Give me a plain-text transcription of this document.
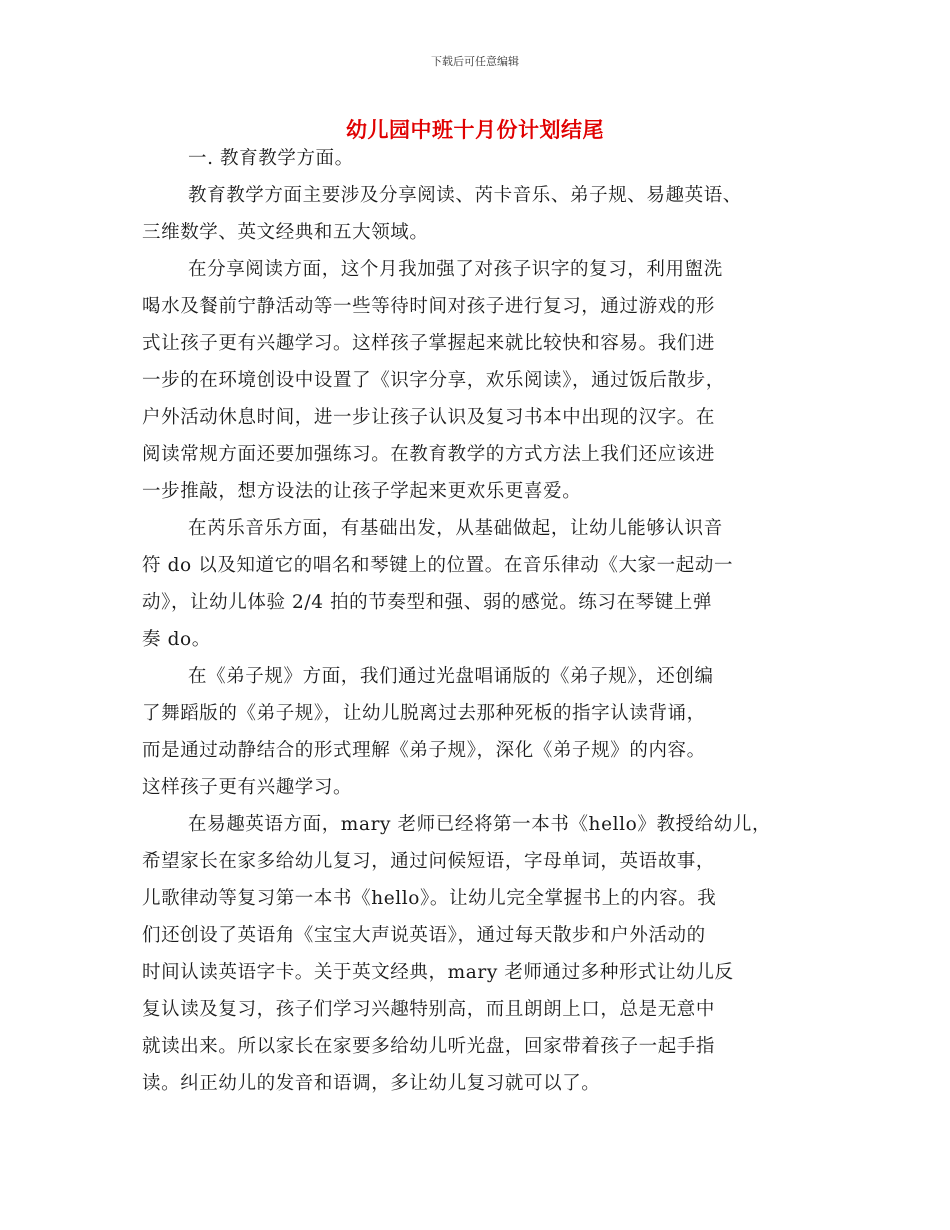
下载后可任意编辑
幼儿园中班十月份计划结尾
一. 教育教学方面。
教育教学方面主要涉及分享阅读、芮卡音乐、弟子规、易趣英语、
三维数学、英文经典和五大领域。
在分享阅读方面，这个月我加强了对孩子识字的复习，利用盥洗
喝水及餐前宁静活动等一些等待时间对孩子进行复习，通过游戏的形
式让孩子更有兴趣学习。这样孩子掌握起来就比较快和容易。我们进
一步的在环境创设中设置了《识字分享，欢乐阅读》，通过饭后散步，
户外活动休息时间，进一步让孩子认识及复习书本中出现的汉字。在
阅读常规方面还要加强练习。在教育教学的方式方法上我们还应该进
一步推敲，想方设法的让孩子学起来更欢乐更喜爱。
在芮乐音乐方面，有基础出发，从基础做起，让幼儿能够认识音
符 do 以及知道它的唱名和琴键上的位置。在音乐律动《大家一起动一
动》，让幼儿体验 2/4 拍的节奏型和强、弱的感觉。练习在琴键上弹
奏 do。
在《弟子规》方面，我们通过光盘唱诵版的《弟子规》，还创编
了舞蹈版的《弟子规》，让幼儿脱离过去那种死板的指字认读背诵，
而是通过动静结合的形式理解《弟子规》，深化《弟子规》的内容。
这样孩子更有兴趣学习。
在易趣英语方面，mary 老师已经将第一本书《hello》教授给幼儿，
希望家长在家多给幼儿复习，通过问候短语，字母单词，英语故事，
儿歌律动等复习第一本书《hello》。让幼儿完全掌握书上的内容。我
们还创设了英语角《宝宝大声说英语》，通过每天散步和户外活动的
时间认读英语字卡。关于英文经典，mary 老师通过多种形式让幼儿反
复认读及复习，孩子们学习兴趣特别高，而且朗朗上口，总是无意中
就读出来。所以家长在家要多给幼儿听光盘，回家带着孩子一起手指
读。纠正幼儿的发音和语调，多让幼儿复习就可以了。
